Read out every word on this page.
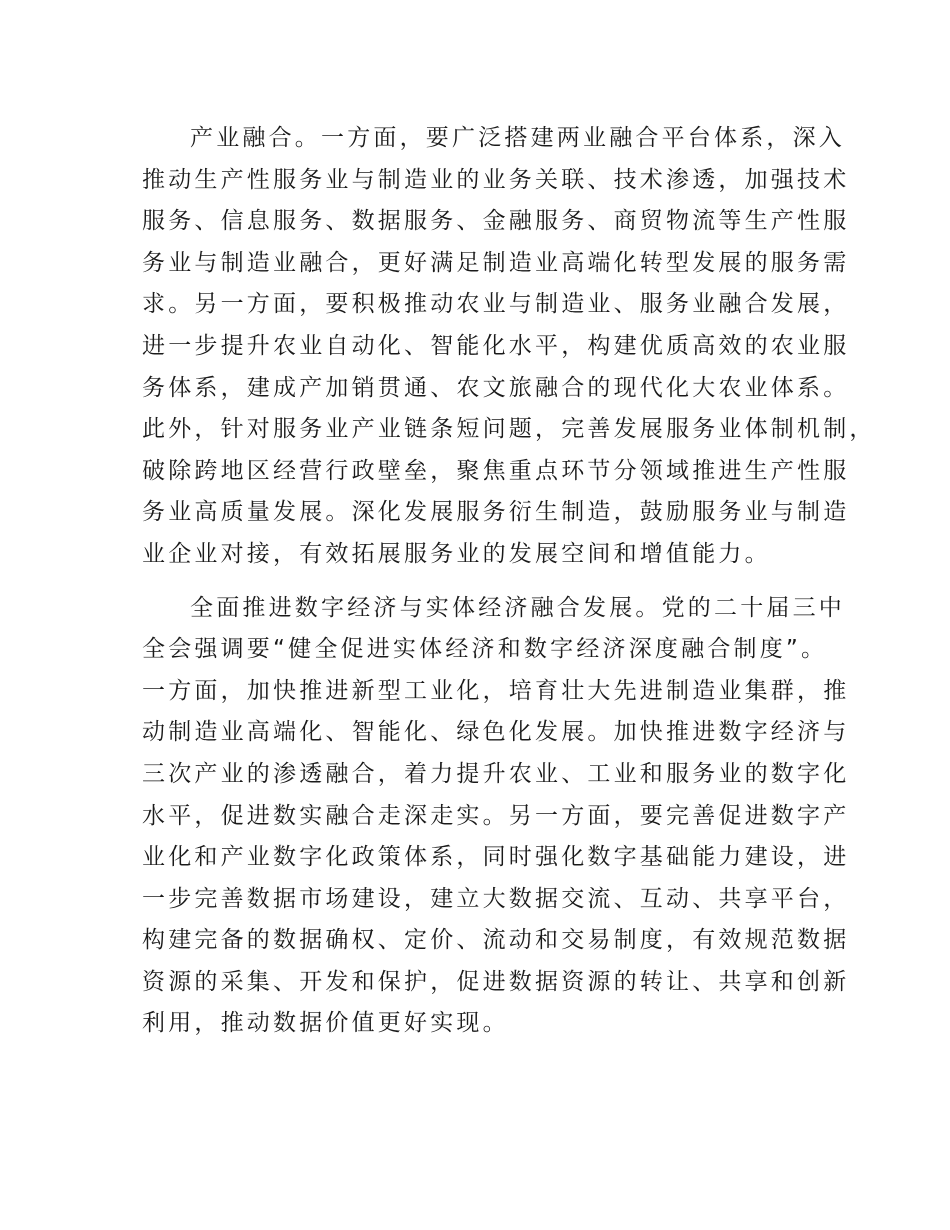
产业融合。一方面，要广泛搭建两业融合平台体系，深入
推动生产性服务业与制造业的业务关联、技术渗透，加强技术
服务、信息服务、数据服务、金融服务、商贸物流等生产性服
务业与制造业融合，更好满足制造业高端化转型发展的服务需
求。另一方面，要积极推动农业与制造业、服务业融合发展，
进一步提升农业自动化、智能化水平，构建优质高效的农业服
务体系，建成产加销贯通、农文旅融合的现代化大农业体系。
此外，针对服务业产业链条短问题，完善发展服务业体制机制，
破除跨地区经营行政壁垒，聚焦重点环节分领域推进生产性服
务业高质量发展。深化发展服务衍生制造，鼓励服务业与制造
业企业对接，有效拓展服务业的发展空间和增值能力。
全面推进数字经济与实体经济融合发展。党的二十届三中
全会强调要“健全促进实体经济和数字经济深度融合制度”。
一方面，加快推进新型工业化，培育壮大先进制造业集群，推
动制造业高端化、智能化、绿色化发展。加快推进数字经济与
三次产业的渗透融合，着力提升农业、工业和服务业的数字化
水平，促进数实融合走深走实。另一方面，要完善促进数字产
业化和产业数字化政策体系，同时强化数字基础能力建设，进
一步完善数据市场建设，建立大数据交流、互动、共享平台，
构建完备的数据确权、定价、流动和交易制度，有效规范数据
资源的采集、开发和保护，促进数据资源的转让、共享和创新
利用，推动数据价值更好实现。
